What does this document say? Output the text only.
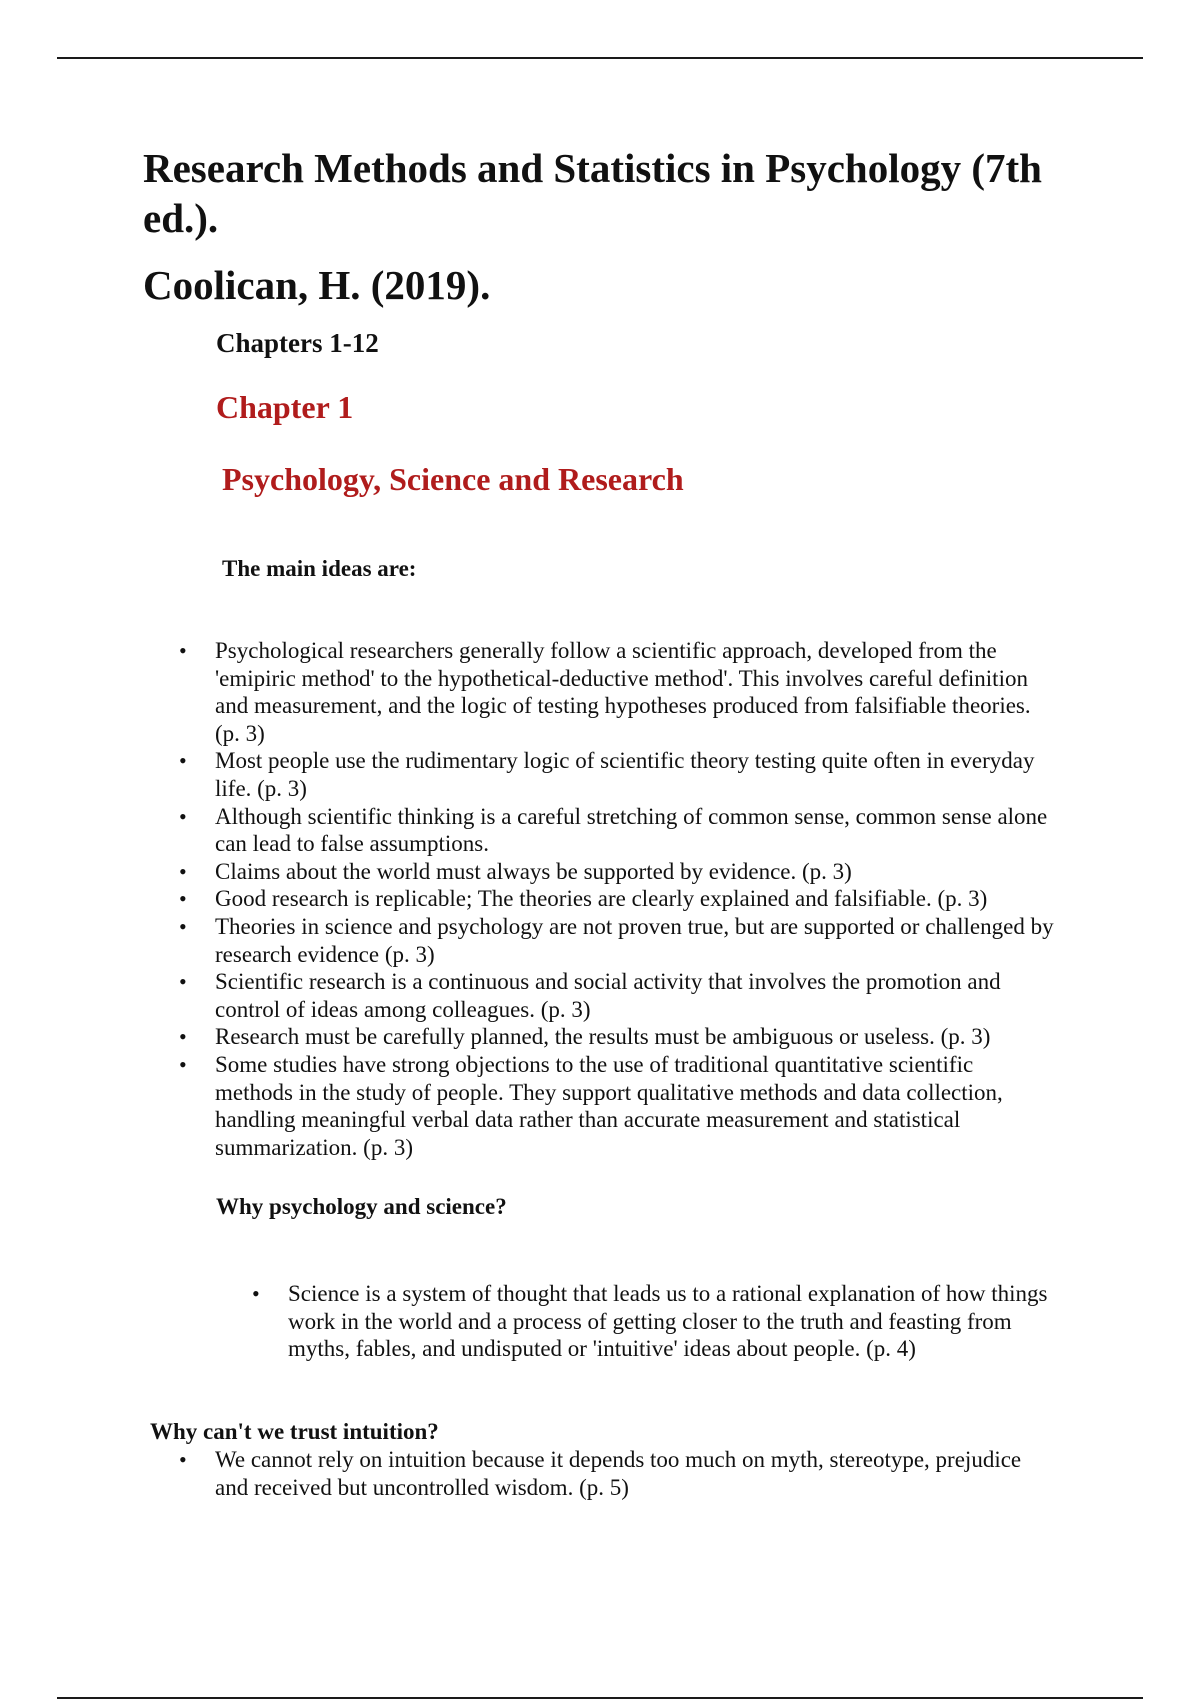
Research Methods and Statistics in Psychology (7th ed.).
Coolican, H. (2019).
Chapters 1-12
Chapter 1
Psychology, Science and Research
The main ideas are:
• Psychological researchers generally follow a scientific approach, developed from the 'emipiric method' to the hypothetical-deductive method'. This involves careful definition and measurement, and the logic of testing hypotheses produced from falsifiable theories. (p. 3)
• Most people use the rudimentary logic of scientific theory testing quite often in everyday life. (p. 3)
• Although scientific thinking is a careful stretching of common sense, common sense alone can lead to false assumptions.
• Claims about the world must always be supported by evidence. (p. 3)
• Good research is replicable; The theories are clearly explained and falsifiable. (p. 3)
• Theories in science and psychology are not proven true, but are supported or challenged by research evidence (p. 3)
• Scientific research is a continuous and social activity that involves the promotion and control of ideas among colleagues. (p. 3)
• Research must be carefully planned, the results must be ambiguous or useless. (p. 3)
• Some studies have strong objections to the use of traditional quantitative scientific methods in the study of people. They support qualitative methods and data collection, handling meaningful verbal data rather than accurate measurement and statistical summarization. (p. 3)
Why psychology and science?
• Science is a system of thought that leads us to a rational explanation of how things work in the world and a process of getting closer to the truth and feasting from myths, fables, and undisputed or 'intuitive' ideas about people. (p. 4)
Why can't we trust intuition?
• We cannot rely on intuition because it depends too much on myth, stereotype, prejudice and received but uncontrolled wisdom. (p. 5)
